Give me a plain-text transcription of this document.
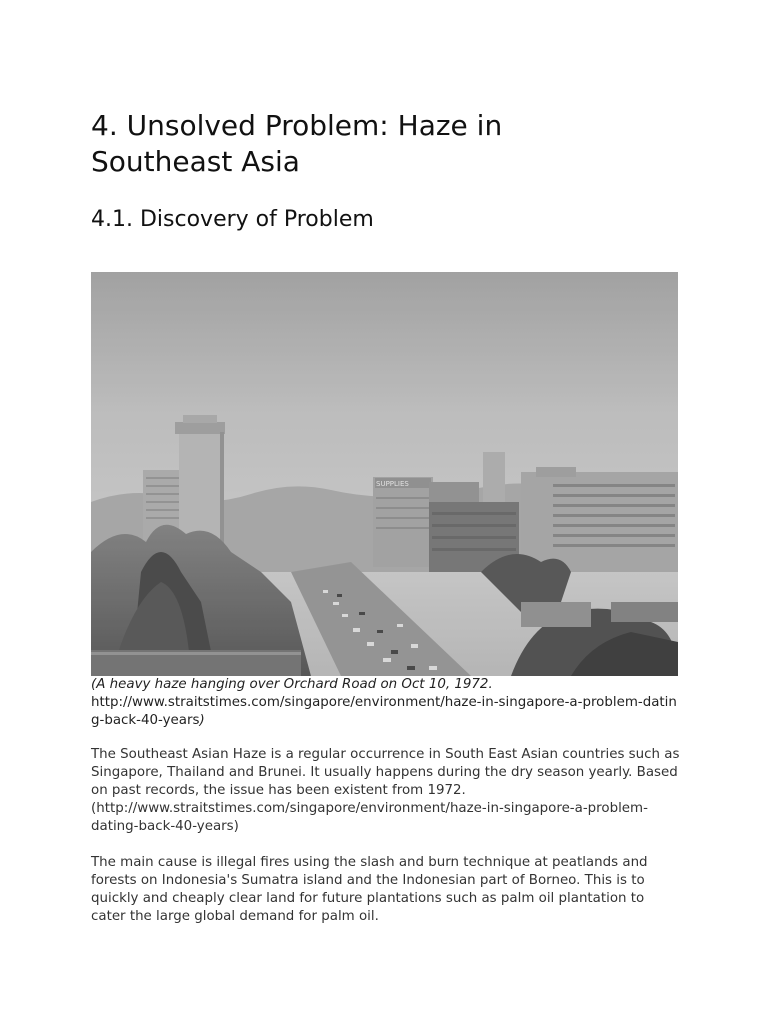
4. Unsolved Problem: Haze in Southeast Asia
4.1. Discovery of Problem
SUPPLIES
(A heavy haze hanging over Orchard Road on Oct 10, 1972.
http://www.straitstimes.com/singapore/environment/haze-in-singapore-a-problem-dating-back-40-years)

The Southeast Asian Haze is a regular occurrence in South East Asian countries such as Singapore, Thailand and Brunei. It usually happens during the dry season yearly. Based on past records, the issue has been existent from 1972. (http://www.straitstimes.com/singapore/environment/haze-in-singapore-a-problem-dating-back-40-years)

The main cause is illegal fires using the slash and burn technique at peatlands and forests on Indonesia's Sumatra island and the Indonesian part of Borneo. This is to quickly and cheaply clear land for future plantations such as palm oil plantation to cater the large global demand for palm oil.
